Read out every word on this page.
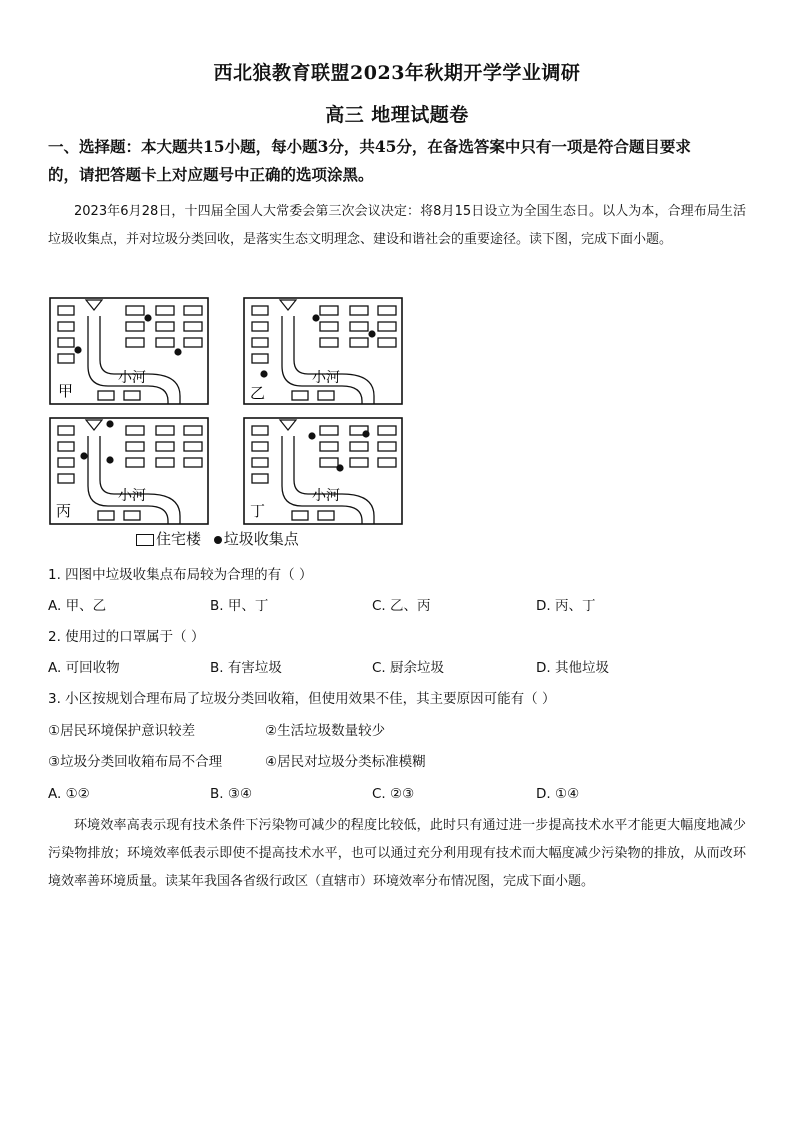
西北狼教育联盟2023年秋期开学学业调研
高三 地理试题卷
一、选择题：本大题共15小题，每小题3分，共45分，在备选答案中只有一项是符合题目要求
的，请把答题卡上对应题号中正确的选项涂黑。
2023年6月28日，十四届全国人大常委会第三次会议决定：将8月15日设立为全国生态日。以人为本，合理布局生活垃圾收集点，并对垃圾分类回收，是落实生态文明理念、建设和谐社会的重要途径。读下图，完成下面小题。
甲
小河
乙
小河
丙
小河
丁
小河
住宅楼 垃圾收集点
1. 四图中垃圾收集点布局较为合理的有（ ）
A. 甲、乙	B. 甲、丁	C. 乙、丙	D. 丙、丁
2. 使用过的口罩属于（ ）
A. 可回收物	B. 有害垃圾	C. 厨余垃圾	D. 其他垃圾
3. 小区按规划合理布局了垃圾分类回收箱，但使用效果不佳，其主要原因可能有（ ）
①居民环境保护意识较差	②生活垃圾数量较少
③垃圾分类回收箱布局不合理	④居民对垃圾分类标准模糊
A. ①②	B. ③④	C. ②③	D. ①④
环境效率高表示现有技术条件下污染物可减少的程度比较低，此时只有通过进一步提高技术水平才能更大幅度地减少污染物排放；环境效率低表示即使不提高技术水平，也可以通过充分利用现有技术而大幅度减少污染物的排放，从而改环境效率善环境质量。读某年我国各省级行政区（直辖市）环境效率分布情况图，完成下面小题。
